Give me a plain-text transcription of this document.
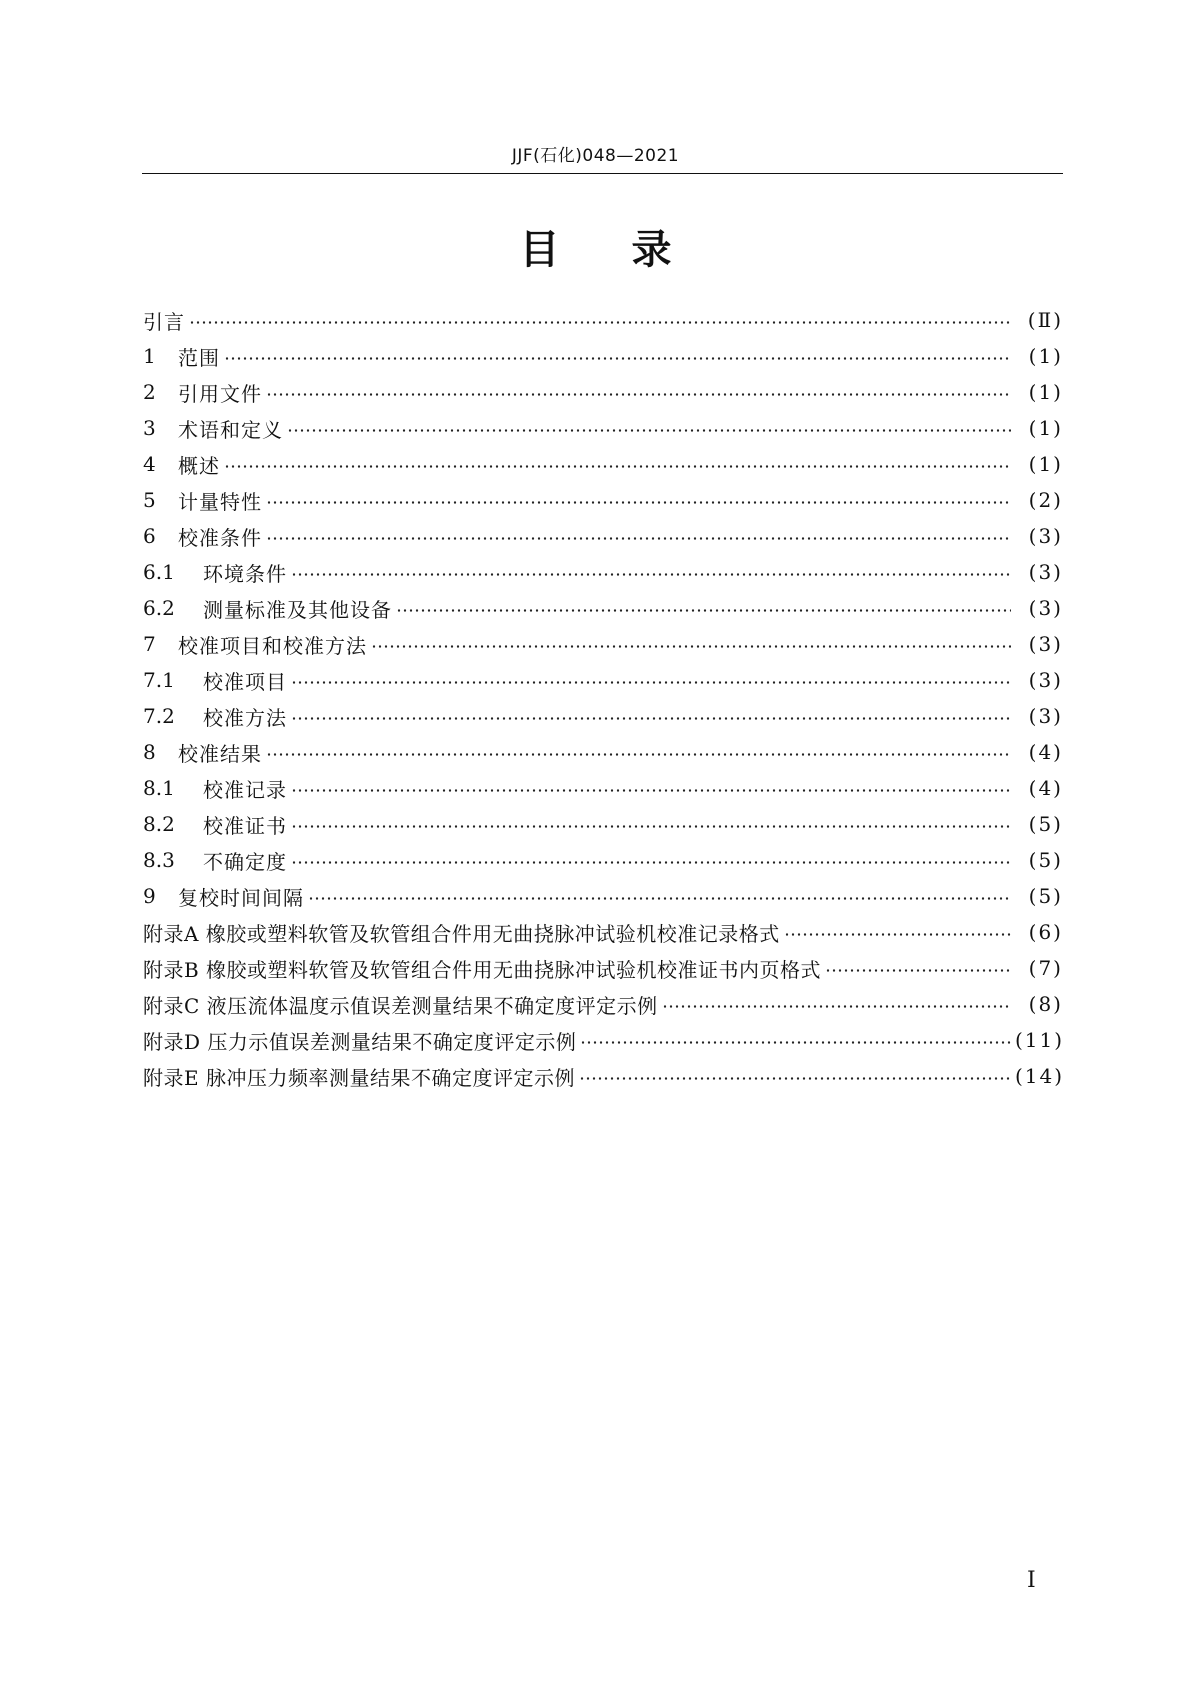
JJF(石化)048—2021
目录
引言	(Ⅱ)
1	范围	(1)
2	引用文件	(1)
3	术语和定义	(1)
4	概述	(1)
5	计量特性	(2)
6	校准条件	(3)
6.1	环境条件	(3)
6.2	测量标准及其他设备	(3)
7	校准项目和校准方法	(3)
7.1	校准项目	(3)
7.2	校准方法	(3)
8	校准结果	(4)
8.1	校准记录	(4)
8.2	校准证书	(5)
8.3	不确定度	(5)
9	复校时间间隔	(5)
附录A 橡胶或塑料软管及软管组合件用无曲挠脉冲试验机校准记录格式	(6)
附录B 橡胶或塑料软管及软管组合件用无曲挠脉冲试验机校准证书内页格式	(7)
附录C 液压流体温度示值误差测量结果不确定度评定示例	(8)
附录D 压力示值误差测量结果不确定度评定示例	(11)
附录E 脉冲压力频率测量结果不确定度评定示例	(14)
Ⅰ
